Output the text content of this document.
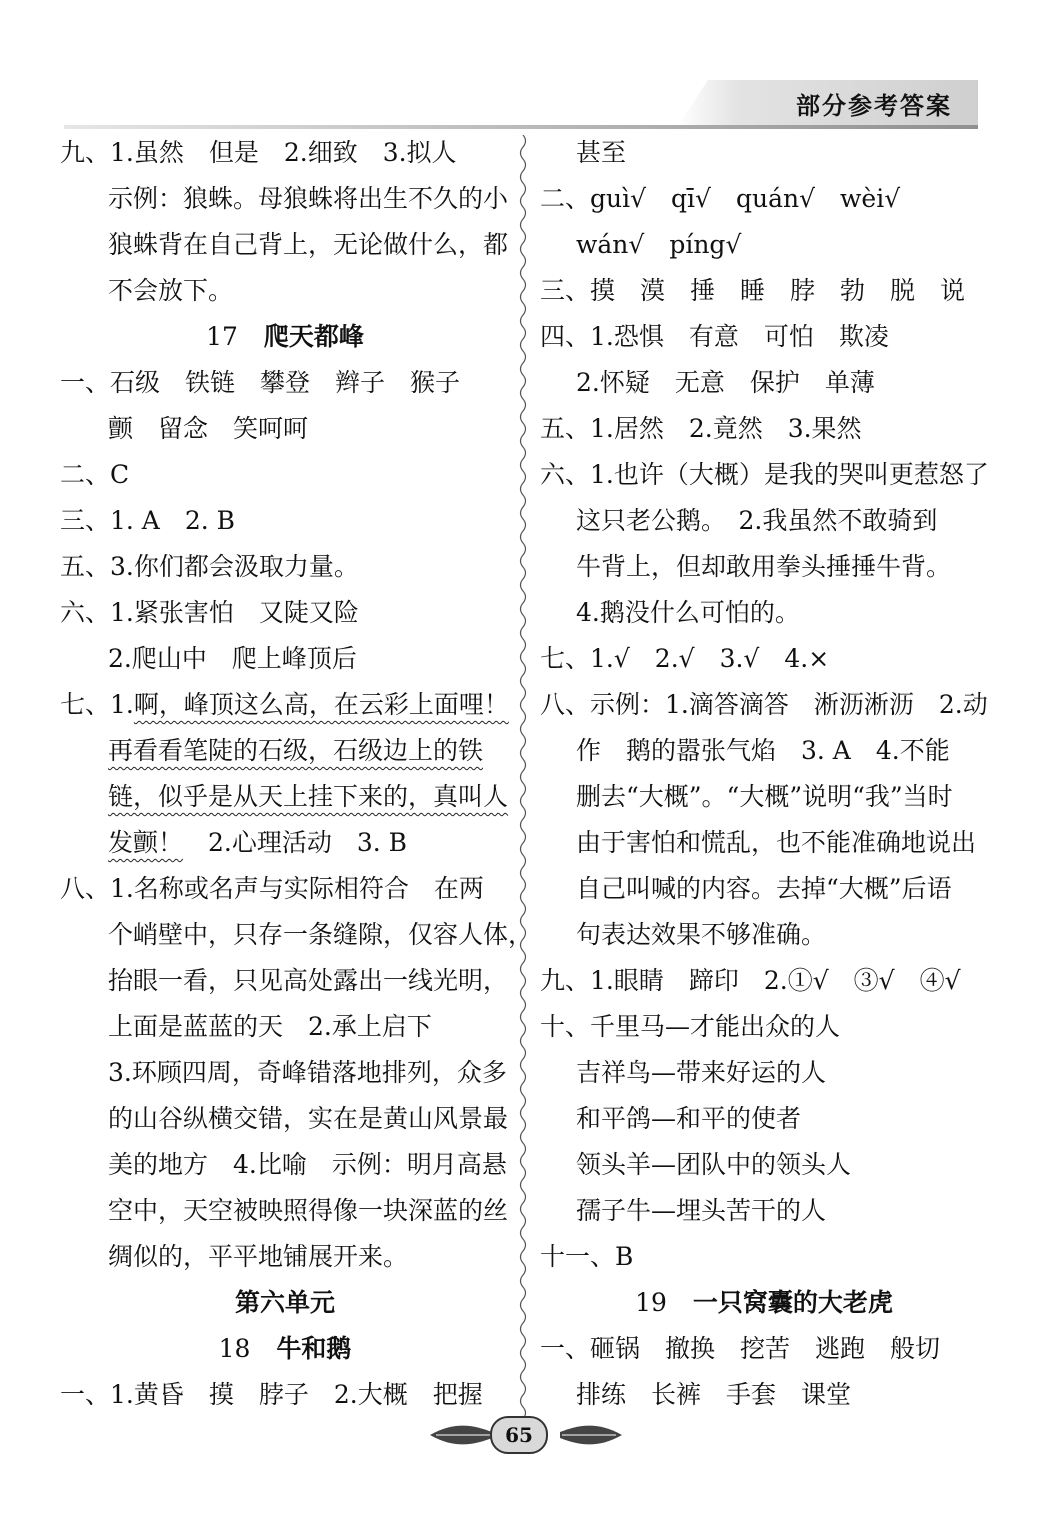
部分参考答案
九、1.虽然　但是　2.细致　3.拟人
示例：狼蛛。母狼蛛将出生不久的小
狼蛛背在自己背上，无论做什么，都
不会放下。
17 爬天都峰
一、石级　铁链　攀登　辫子　猴子
颤　留念　笑呵呵
二、C
三、1. A　2. B
五、3.你们都会汲取力量。
六、1.紧张害怕　又陡又险
2.爬山中　爬上峰顶后
七、1.啊，峰顶这么高，在云彩上面哩！
再看看笔陡的石级，石级边上的铁
链，似乎是从天上挂下来的，真叫人
发颤！　2.心理活动　3. B
八、1.名称或名声与实际相符合　在两
个峭壁中，只存一条缝隙，仅容人体，
抬眼一看，只见高处露出一线光明，
上面是蓝蓝的天　2.承上启下
3.环顾四周，奇峰错落地排列，众多
的山谷纵横交错，实在是黄山风景最
美的地方　4.比喻　示例：明月高悬
空中，天空被映照得像一块深蓝的丝
绸似的，平平地铺展开来。
第六单元
18 牛和鹅
一、1.黄昏　摸　脖子　2.大概　把握
甚至
二、guì√　qī√　quán√　wèi√
wán√　píng√
三、摸　漠　捶　睡　脖　勃　脱　说
四、1.恐惧　有意　可怕　欺凌
2.怀疑　无意　保护　单薄
五、1.居然　2.竟然　3.果然
六、1.也许（大概）是我的哭叫更惹怒了
这只老公鹅。　2.我虽然不敢骑到
牛背上，但却敢用拳头捶捶牛背。
4.鹅没什么可怕的。
七、1.√　2.√　3.√　4.×
八、示例：1.滴答滴答　淅沥淅沥　2.动
作　鹅的嚣张气焰　3. A　4.不能
删去“大概”。“大概”说明“我”当时
由于害怕和慌乱，也不能准确地说出
自己叫喊的内容。去掉“大概”后语
句表达效果不够准确。
九、1.眼睛　蹄印　2.①√　③√　④√
十、千里马—才能出众的人
吉祥鸟—带来好运的人
和平鸽—和平的使者
领头羊—团队中的领头人
孺子牛—埋头苦干的人
十一、B
19 一只窝囊的大老虎
一、砸锅　撤换　挖苦　逃跑　般切
排练　长裤　手套　课堂
65
